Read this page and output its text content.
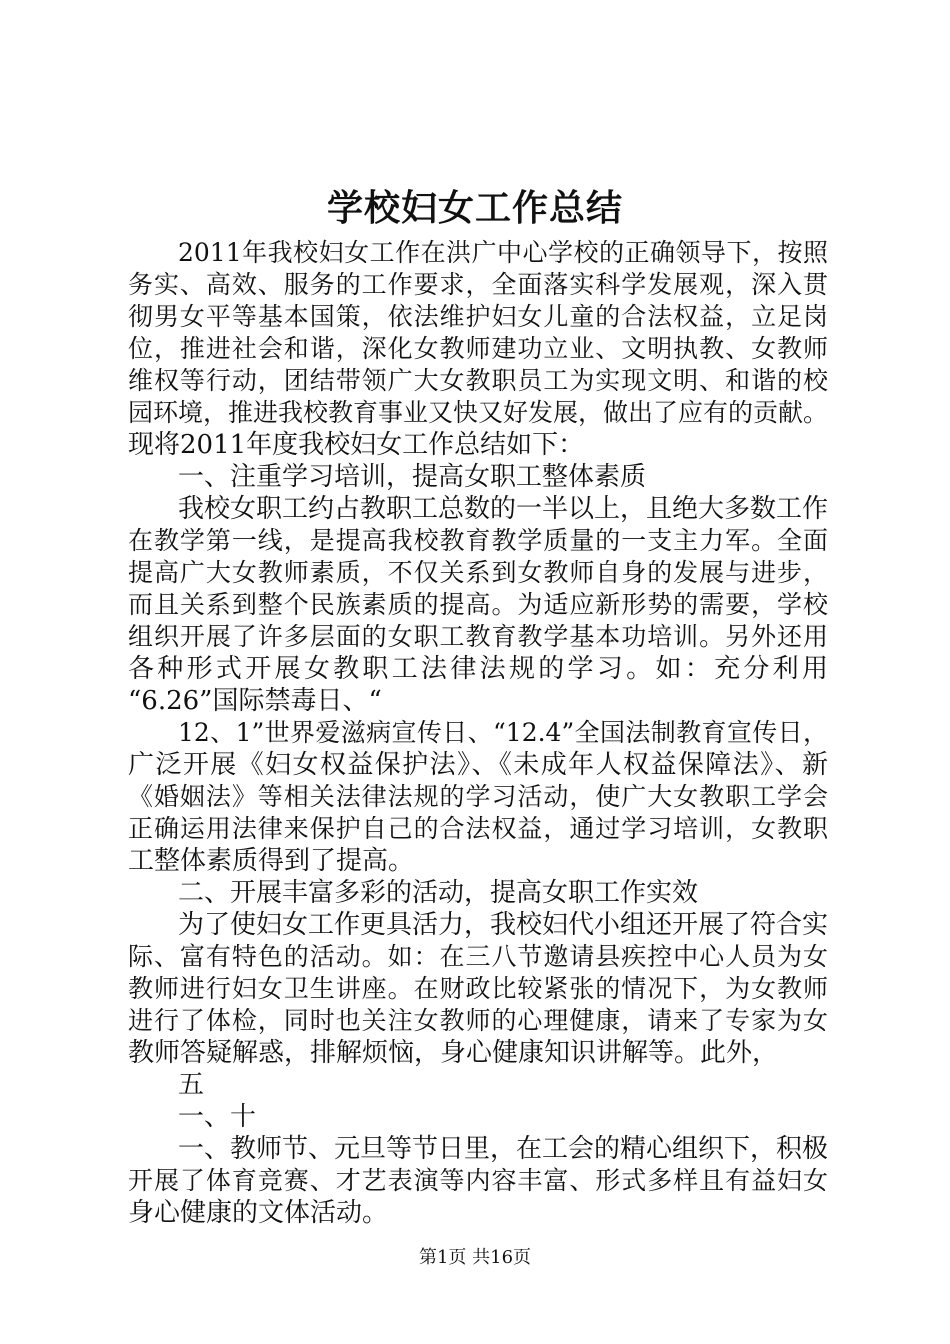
学校妇女工作总结
2011年我校妇女工作在洪广中心学校的正确领导下，按照
务实、高效、服务的工作要求，全面落实科学发展观，深入贯
彻男女平等基本国策，依法维护妇女儿童的合法权益，立足岗
位，推进社会和谐，深化女教师建功立业、文明执教、女教师
维权等行动，团结带领广大女教职员工为实现文明、和谐的校
园环境，推进我校教育事业又快又好发展，做出了应有的贡献。
现将2011年度我校妇女工作总结如下：
一、注重学习培训，提高女职工整体素质
我校女职工约占教职工总数的一半以上，且绝大多数工作
在教学第一线，是提高我校教育教学质量的一支主力军。全面
提高广大女教师素质，不仅关系到女教师自身的发展与进步，
而且关系到整个民族素质的提高。为适应新形势的需要，学校
组织开展了许多层面的女职工教育教学基本功培训。另外还用
各种形式开展女教职工法律法规的学习。如：充分利用
“6.26”国际禁毒日、“
12、1”世界爱滋病宣传日、“12.4”全国法制教育宣传日，
广泛开展《妇女权益保护法》、《未成年人权益保障法》、新
《婚姻法》等相关法律法规的学习活动，使广大女教职工学会
正确运用法律来保护自己的合法权益，通过学习培训，女教职
工整体素质得到了提高。
二、开展丰富多彩的活动，提高女职工作实效
为了使妇女工作更具活力，我校妇代小组还开展了符合实
际、富有特色的活动。如：在三八节邀请县疾控中心人员为女
教师进行妇女卫生讲座。在财政比较紧张的情况下，为女教师
进行了体检，同时也关注女教师的心理健康，请来了专家为女
教师答疑解惑，排解烦恼，身心健康知识讲解等。此外，
五
一、十
一、教师节、元旦等节日里，在工会的精心组织下，积极
开展了体育竞赛、才艺表演等内容丰富、形式多样且有益妇女
身心健康的文体活动。
第1页 共16页
